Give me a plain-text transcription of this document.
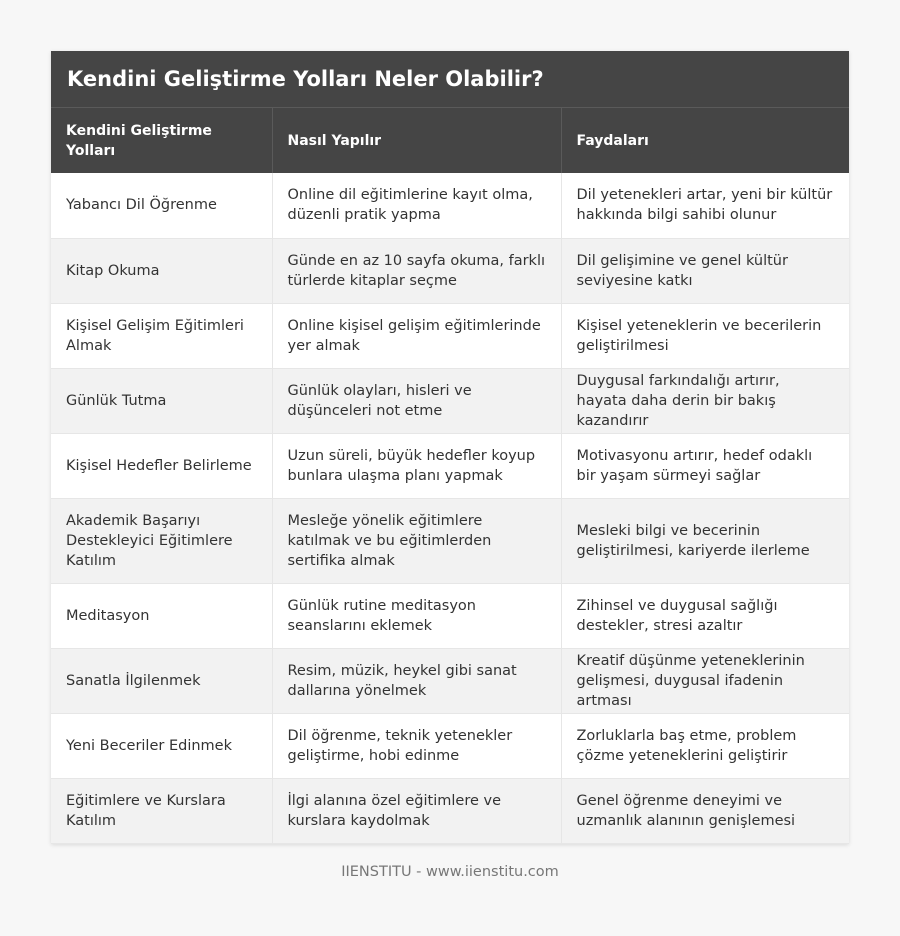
Kendini Geliştirme Yolları Neler Olabilir?
Kendini Geliştirme Yolları	Nasıl Yapılır	Faydaları
Yabancı Dil Öğrenme	Online dil eğitimlerine kayıt olma, düzenli pratik yapma	Dil yetenekleri artar, yeni bir kültür hakkında bilgi sahibi olunur
Kitap Okuma	Günde en az 10 sayfa okuma, farklı türlerde kitaplar seçme	Dil gelişimine ve genel kültür seviyesine katkı
Kişisel Gelişim Eğitimleri Almak	Online kişisel gelişim eğitimlerinde yer almak	Kişisel yeteneklerin ve becerilerin geliştirilmesi
Günlük Tutma	Günlük olayları, hisleri ve düşünceleri not etme	Duygusal farkındalığı artırır, hayata daha derin bir bakış kazandırır
Kişisel Hedefler Belirleme	Uzun süreli, büyük hedefler koyup bunlara ulaşma planı yapmak	Motivasyonu artırır, hedef odaklı bir yaşam sürmeyi sağlar
Akademik Başarıyı Destekleyici Eğitimlere Katılım	Mesleğe yönelik eğitimlere katılmak ve bu eğitimlerden sertifika almak	Mesleki bilgi ve becerinin geliştirilmesi, kariyerde ilerleme
Meditasyon	Günlük rutine meditasyon seanslarını eklemek	Zihinsel ve duygusal sağlığı destekler, stresi azaltır
Sanatla İlgilenmek	Resim, müzik, heykel gibi sanat dallarına yönelmek	Kreatif düşünme yeteneklerinin gelişmesi, duygusal ifadenin artması
Yeni Beceriler Edinmek	Dil öğrenme, teknik yetenekler geliştirme, hobi edinme	Zorluklarla baş etme, problem çözme yeteneklerini geliştirir
Eğitimlere ve Kurslara Katılım	İlgi alanına özel eğitimlere ve kurslara kaydolmak	Genel öğrenme deneyimi ve uzmanlık alanının genişlemesi
IIENSTITU - www.iienstitu.com
